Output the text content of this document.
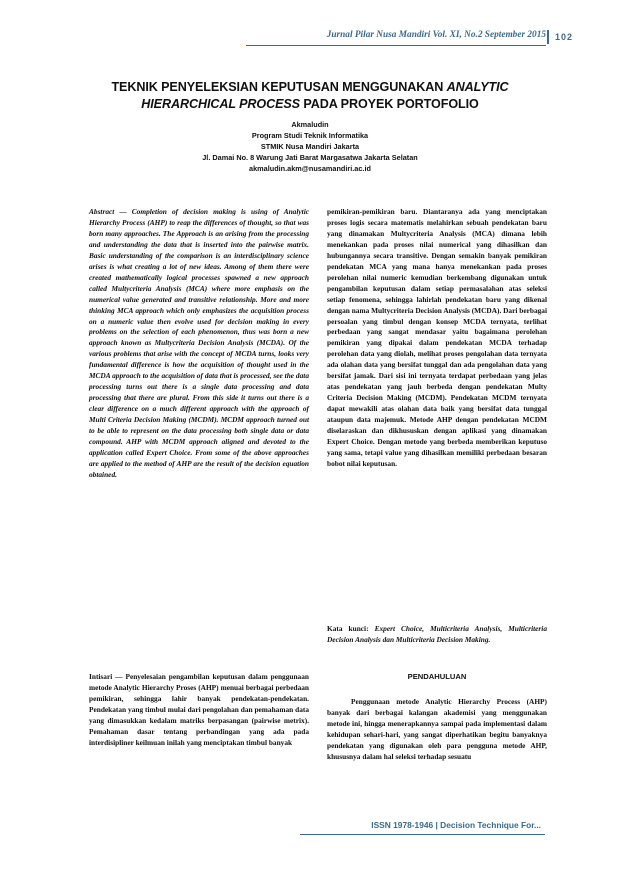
Jurnal Pilar Nusa Mandiri Vol. XI, No.2 September 2015 102
TEKNIK PENYELEKSIAN KEPUTUSAN MENGGUNAKAN ANALYTIC
HIERARCHICAL PROCESS PADA PROYEK PORTOFOLIO
Akmaludin
Program Studi Teknik Informatika
STMIK Nusa Mandiri Jakarta
Jl. Damai No. 8 Warung Jati Barat Margasatwa Jakarta Selatan
akmaludin.akm@nusamandiri.ac.id
Abstract — Completion of decision making is using of Analytic Hierarchy Process (AHP) to reap the differences of thought, so that was born many approaches. The Approach is an arising from the processing and understanding the data that is inserted into the pairwise matrix. Basic understanding of the comparison is an interdisciplinary science arises is what creating a lot of new ideas. Among of them there were created mathematically logical processes spawned a new approach called Multycriteria Analysis (MCA) where more emphasis on the numerical value generated and transitive relationship. More and more thinking MCA approach which only emphasizes the acquisition process on a numeric value then evolve used for decision making in every problems on the selection of each phenomenon, thus was born a new approach known as Multycriteria Decision Analysis (MCDA). Of the various problems that arise with the concept of MCDA turns, looks very fundamental difference is how the acquisition of thought used in the MCDA approach to the acquisition of data that is processed, see the data processing turns out there is a single data processing and data processing that there are plural. From this side it turns out there is a clear difference on a much different approach with the approach of Multi Criteria Decision Making (MCDM). MCDM approach turned out to be able to represent on the data processing both single data or data compound. AHP with MCDM approach aligned and devoted to the application called Expert Choice. From some of the above approaches are applied to the method of AHP are the result of the decision equation obtained.
Intisari — Penyelesaian pengambilan keputusan dalam penggunaan metode Analytic Hierarchy Proses (AHP) menuai berbagai perbedaan pemikiran, sehingga lahir banyak pendekatan-pendekatan. Pendekatan yang timbul mulai dari pengolahan dan pemahaman data yang dimasukkan kedalam matriks berpasangan (pairwise metrix). Pemahaman dasar tentang perbandingan yang ada pada interdisipliner keilmuan inilah yang menciptakan timbul banyak
pemikiran-pemikiran baru. Diantaranya ada yang menciptakan proses logis secara matematis melahirkan sebuah pendekatan baru yang dinamakan Multycriteria Analysis (MCA) dimana lebih menekankan pada proses nilai numerical yang dihasilkan dan hubungannya secara transitive. Dengan semakin banyak pemikiran pendekatan MCA yang mana hanya menekankan pada proses perolehan nilai numeric kemudian berkembang digunakan untuk pengambilan keputusan dalam setiap permasalahan atas seleksi setiap fenomena, sehingga lahirlah pendekatan baru yang dikenal dengan nama Multycriteria Decision Analysis (MCDA). Dari berbagai persoalan yang timbul dengan konsep MCDA ternyata, terlihat perbedaan yang sangat mendasar yaitu bagaimana perolehan pemikiran yang dipakai dalam pendekatan MCDA terhadap perolehan data yang diolah, melihat proses pengolahan data ternyata ada olahan data yang bersifat tunggal dan ada pengolahan data yang bersifat jamak. Dari sisi ini ternyata terdapat perbedaan yang jelas atas pendekatan yang jauh berbeda dengan pendekatan Multy Criteria Decision Making (MCDM). Pendekatan MCDM ternyata dapat mewakili atas olahan data baik yang bersifat data tunggal ataupun data majemuk. Metode AHP dengan pendekatan MCDM diselaraskan dan dikhususkan dengan aplikasi yang dinamakan Expert Choice. Dengan metode yang berbeda memberikan keputuso yang sama, tetapi value yang dihasilkan memiliki perbedaan besaran bobot nilai keputusan.
Kata kunci: Expert Choice, Multicriteria Analysis, Multicriteria Decision Analysis dan Multicriteria Decision Making.
PENDAHULUAN
Penggunaan metode Analytic Hierarchy Process (AHP) banyak dari berbagai kalangan akademisi yang menggunakan metode ini, hingga menerapkannya sampai pada implementasi dalam kehidupan sehari-hari, yang sangat diperhatikan begitu banyaknya pendekatan yang digunakan oleh para pengguna metode AHP, khususnya dalam hal seleksi terhadap sesuatu
ISSN 1978-1946 | Decision Technique For...
